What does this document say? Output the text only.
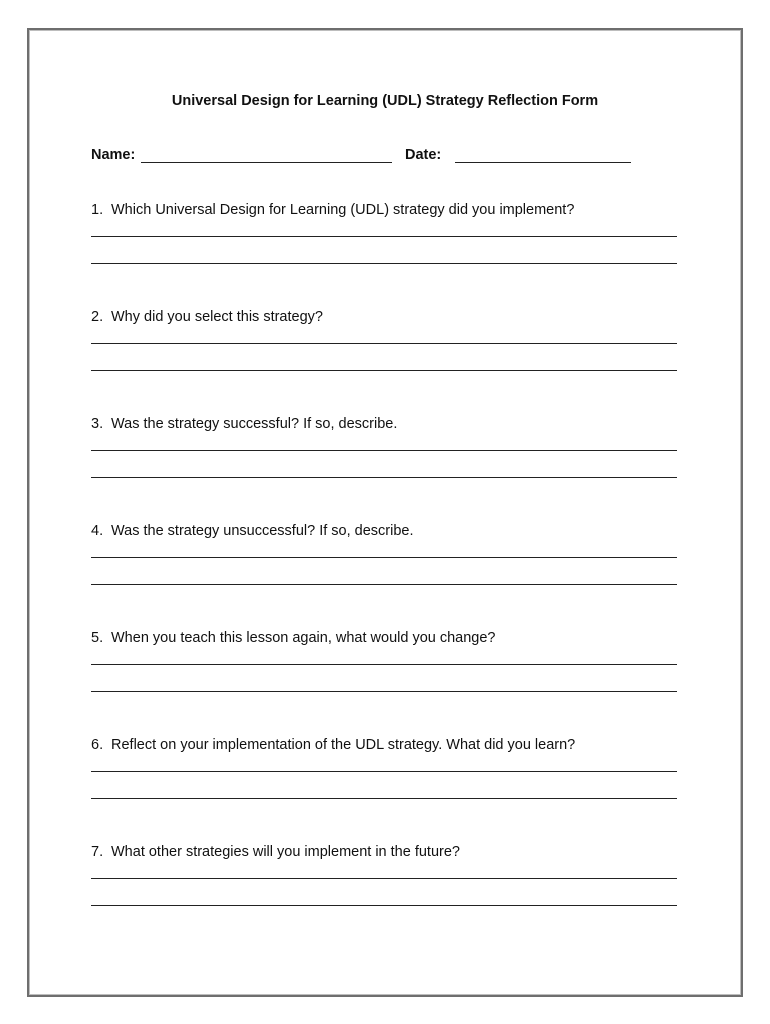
Universal Design for Learning (UDL) Strategy Reflection Form
Name:	Date:
1. Which Universal Design for Learning (UDL) strategy did you implement?
2. Why did you select this strategy?
3. Was the strategy successful? If so, describe.
4. Was the strategy unsuccessful? If so, describe.
5. When you teach this lesson again, what would you change?
6. Reflect on your implementation of the UDL strategy. What did you learn?
7. What other strategies will you implement in the future?
